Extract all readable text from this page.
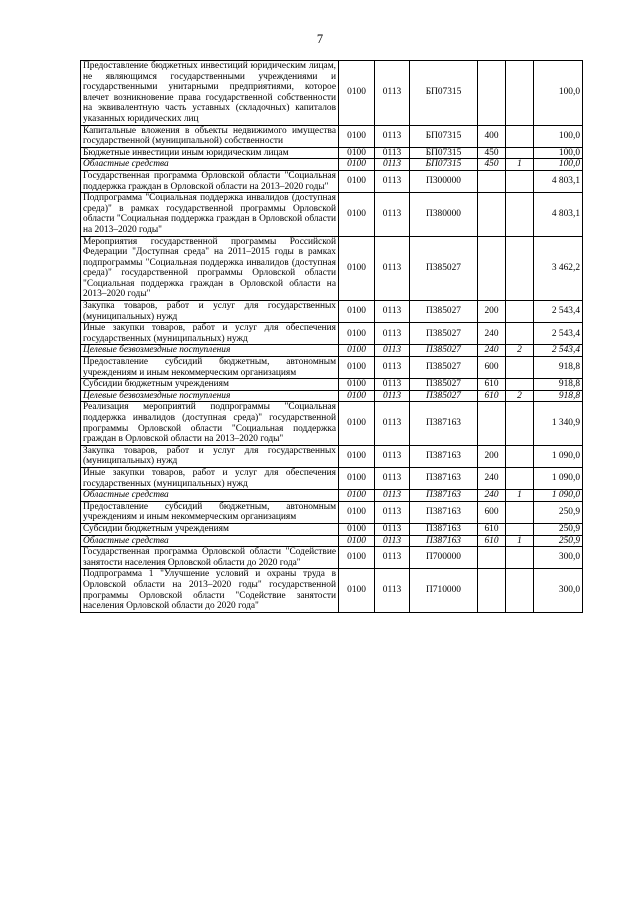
7
Предоставление бюджетных инвестиций юридическим лицам, не являющимся государственными учреждениями и государственными унитарными предприятиями, которое влечет возникновение права государственной собственности на эквивалентную часть уставных (складочных) капиталов указанных юридических лиц	0100	0113	БП07315			100,0
Капитальные вложения в объекты недвижимого имущества государственной (муниципальной) собственности	0100	0113	БП07315	400		100,0
Бюджетные инвестиции иным юридическим лицам	0100	0113	БП07315	450		100,0
Областные средства	0100	0113	БП07315	450	1	100,0
Государственная программа Орловской области "Социальная поддержка граждан в Орловской области на 2013–2020 годы"	0100	0113	П300000			4 803,1
Подпрограмма "Социальная поддержка инвалидов (доступная среда)" в рамках государственной программы Орловской области "Социальная поддержка граждан в Орловской области на 2013–2020 годы"	0100	0113	П380000			4 803,1
Мероприятия государственной программы Российской Федерации "Доступная среда" на 2011–2015 годы в рамках подпрограммы "Социальная поддержка инвалидов (доступная среда)" государственной программы Орловской области "Социальная поддержка граждан в Орловской области на 2013–2020 годы"	0100	0113	П385027			3 462,2
Закупка товаров, работ и услуг для государственных (муниципальных) нужд	0100	0113	П385027	200		2 543,4
Иные закупки товаров, работ и услуг для обеспечения государственных (муниципальных) нужд	0100	0113	П385027	240		2 543,4
Целевые безвозмездные поступления	0100	0113	П385027	240	2	2 543,4
Предоставление субсидий бюджетным, автономным учреждениям и иным некоммерческим организациям	0100	0113	П385027	600		918,8
Субсидии бюджетным учреждениям	0100	0113	П385027	610		918,8
Целевые безвозмездные поступления	0100	0113	П385027	610	2	918,8
Реализация мероприятий подпрограммы "Социальная поддержка инвалидов (доступная среда)" государственной программы Орловской области "Социальная поддержка граждан в Орловской области на 2013–2020 годы"	0100	0113	П387163			1 340,9
Закупка товаров, работ и услуг для государственных (муниципальных) нужд	0100	0113	П387163	200		1 090,0
Иные закупки товаров, работ и услуг для обеспечения государственных (муниципальных) нужд	0100	0113	П387163	240		1 090,0
Областные средства	0100	0113	П387163	240	1	1 090,0
Предоставление субсидий бюджетным, автономным учреждениям и иным некоммерческим организациям	0100	0113	П387163	600		250,9
Субсидии бюджетным учреждениям	0100	0113	П387163	610		250,9
Областные средства	0100	0113	П387163	610	1	250,9
Государственная программа Орловской области "Содействие занятости населения Орловской области до 2020 года"	0100	0113	П700000			300,0
Подпрограмма 1 "Улучшение условий и охраны труда в Орловской области на 2013–2020 годы" государственной программы Орловской области "Содействие занятости населения Орловской области до 2020 года"	0100	0113	П710000			300,0
